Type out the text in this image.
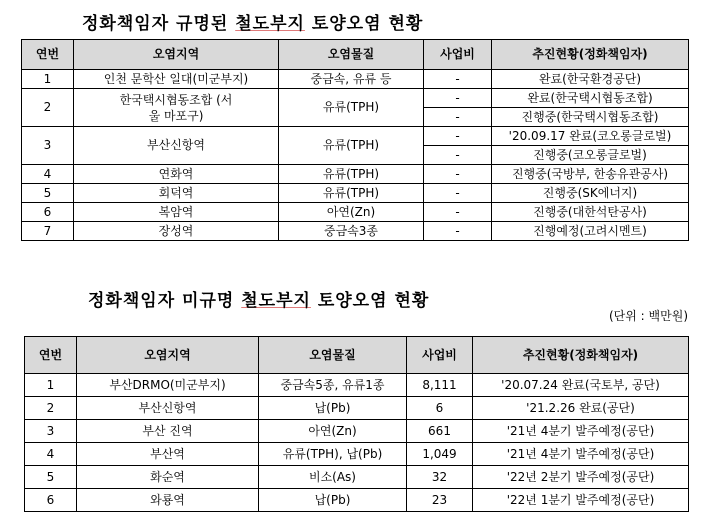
정화책임자 규명된 철도부지 토양오염 현황
연번	오염지역	오염물질	사업비	추진현황(정화책임자)
1	인천 문학산 일대(미군부지)	중금속, 유류 등	-	완료(한국환경공단)
2	한국택시협동조합 (서울 마포구)	유류(TPH)	-	완료(한국택시협동조합)
			-	진행중(한국택시협동조합)
3	부산신항역	유류(TPH)	-	'20.09.17 완료(코오롱글로벌)
			-	진행중(코오롱글로벌)
4	연화역	유류(TPH)	-	진행중(국방부, 한송유관공사)
5	회덕역	유류(TPH)	-	진행중(SK에너지)
6	복암역	아연(Zn)	-	진행중(대한석탄공사)
7	장성역	중금속3종	-	진행예정(고려시멘트)
정화책임자 미규명 철도부지 토양오염 현황
(단위 : 백만원)
연번	오염지역	오염물질	사업비	추진현황(정화책임자)
1	부산DRMO(미군부지)	중금속5종, 유류1종	8,111	'20.07.24 완료(국토부, 공단)
2	부산신항역	납(Pb)	6	'21.2.26 완료(공단)
3	부산 진역	아연(Zn)	661	'21년 4분기 발주예정(공단)
4	부산역	유류(TPH), 납(Pb)	1,049	'21년 4분기 발주예정(공단)
5	화순역	비소(As)	32	'22년 2분기 발주예정(공단)
6	와룡역	납(Pb)	23	'22년 1분기 발주예정(공단)
